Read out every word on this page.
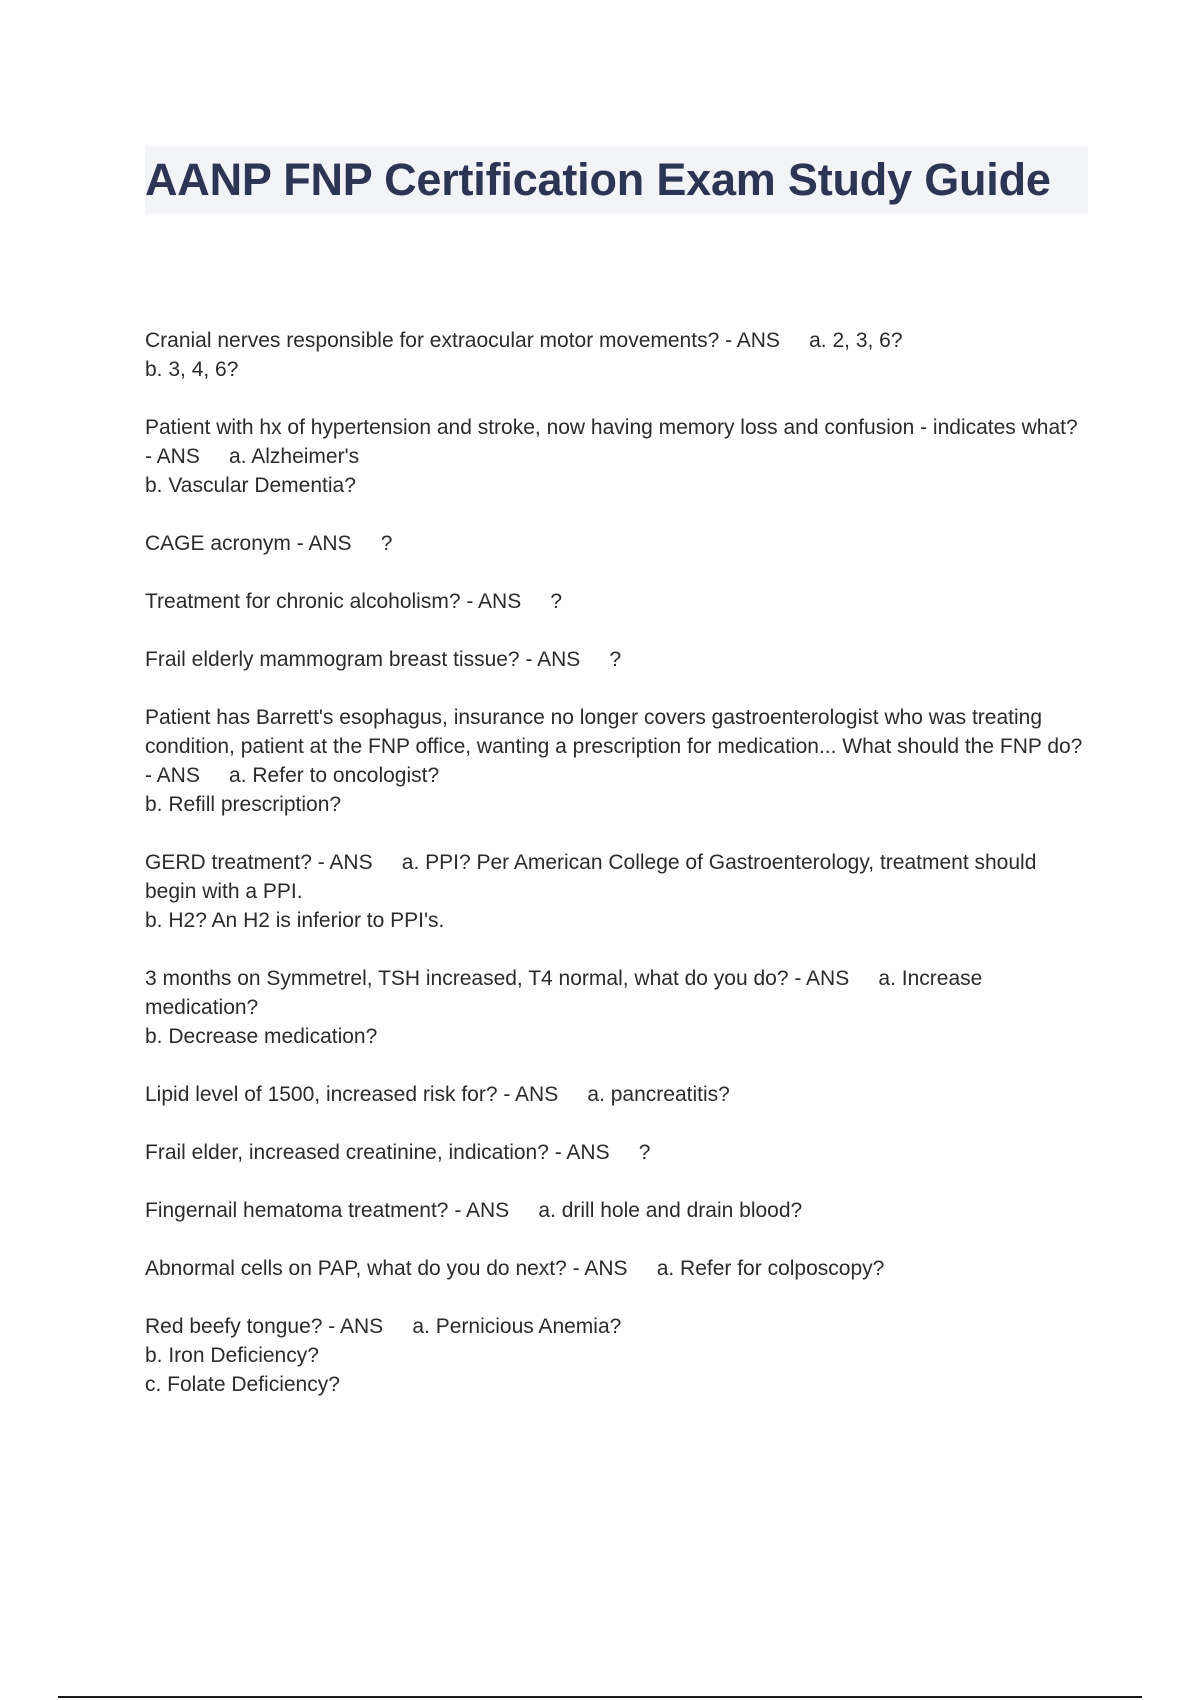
AANP FNP Certification Exam Study Guide

Cranial nerves responsible for extraocular motor movements? - ANS a. 2, 3, 6?
b. 3, 4, 6?

Patient with hx of hypertension and stroke, now having memory loss and confusion - indicates what? - ANS a. Alzheimer's
b. Vascular Dementia?

CAGE acronym - ANS ?

Treatment for chronic alcoholism? - ANS ?

Frail elderly mammogram breast tissue? - ANS ?

Patient has Barrett's esophagus, insurance no longer covers gastroenterologist who was treating condition, patient at the FNP office, wanting a prescription for medication... What should the FNP do? - ANS a. Refer to oncologist?
b. Refill prescription?

GERD treatment? - ANS a. PPI? Per American College of Gastroenterology, treatment should begin with a PPI.
b. H2? An H2 is inferior to PPI's.

3 months on Symmetrel, TSH increased, T4 normal, what do you do? - ANS a. Increase medication?
b. Decrease medication?

Lipid level of 1500, increased risk for? - ANS a. pancreatitis?

Frail elder, increased creatinine, indication? - ANS ?

Fingernail hematoma treatment? - ANS a. drill hole and drain blood?

Abnormal cells on PAP, what do you do next? - ANS a. Refer for colposcopy?

Red beefy tongue? - ANS a. Pernicious Anemia?
b. Iron Deficiency?
c. Folate Deficiency?
